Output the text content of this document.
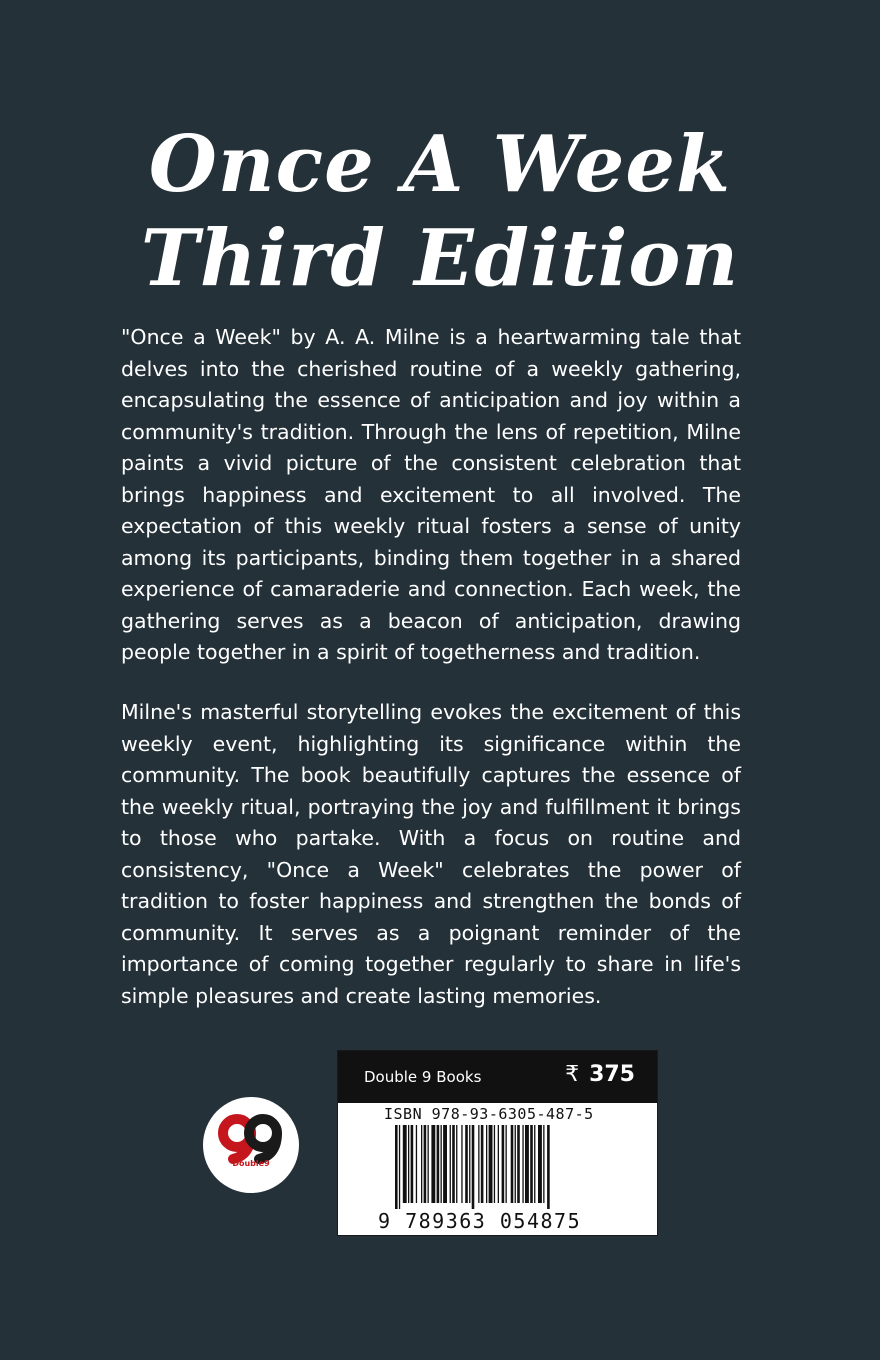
Once A Week
Third Edition

"Once a Week" by A. A. Milne is a heartwarming tale that delves into the cherished routine of a weekly gathering, encapsulating the essence of anticipation and joy within a community's tradition. Through the lens of repetition, Milne paints a vivid picture of the consistent celebration that brings happiness and excitement to all involved. The expectation of this weekly ritual fosters a sense of unity among its participants, binding them together in a shared experience of camaraderie and connection. Each week, the gathering serves as a beacon of anticipation, drawing people together in a spirit of togetherness and tradition.

Milne's masterful storytelling evokes the excitement of this weekly event, highlighting its significance within the community. The book beautifully captures the essence of the weekly ritual, portraying the joy and fulfillment it brings to those who partake. With a focus on routine and consistency, "Once a Week" celebrates the power of tradition to foster happiness and strengthen the bonds of community. It serves as a poignant reminder of the importance of coming together regularly to share in life's simple pleasures and create lasting memories.

Double9
Double 9 Books	₹ 375
ISBN 978-93-6305-487-5
9 789363 054875
